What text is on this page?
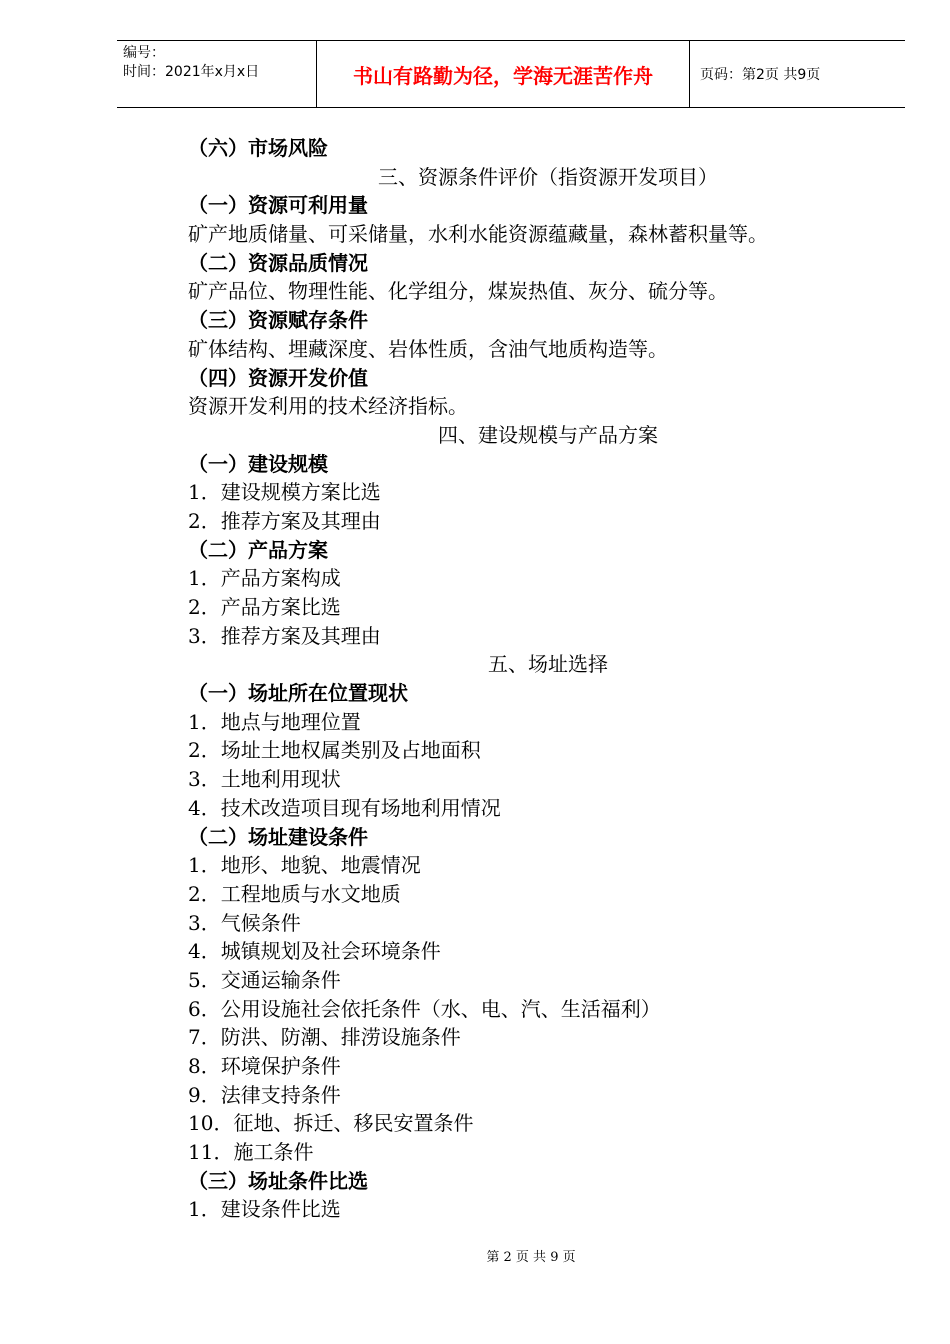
编号：
时间：2021年x月x日	书山有路勤为径，学海无涯苦作舟	页码：第2页 共9页
（六）市场风险
三、资源条件评价（指资源开发项目）
（一）资源可利用量
矿产地质储量、可采储量，水利水能资源蕴藏量，森林蓄积量等。
（二）资源品质情况
矿产品位、物理性能、化学组分，煤炭热值、灰分、硫分等。
（三）资源赋存条件
矿体结构、埋藏深度、岩体性质，含油气地质构造等。
（四）资源开发价值
资源开发利用的技术经济指标。
四、建设规模与产品方案
（一）建设规模
1．建设规模方案比选
2．推荐方案及其理由
（二）产品方案
1．产品方案构成
2．产品方案比选
3．推荐方案及其理由
五、场址选择
（一）场址所在位置现状
1．地点与地理位置
2．场址土地权属类别及占地面积
3．土地利用现状
4．技术改造项目现有场地利用情况
（二）场址建设条件
1．地形、地貌、地震情况
2．工程地质与水文地质
3．气候条件
4．城镇规划及社会环境条件
5．交通运输条件
6．公用设施社会依托条件（水、电、汽、生活福利）
7．防洪、防潮、排涝设施条件
8．环境保护条件
9．法律支持条件
10．征地、拆迁、移民安置条件
11．施工条件
（三）场址条件比选
1．建设条件比选
第 2 页 共 9 页
